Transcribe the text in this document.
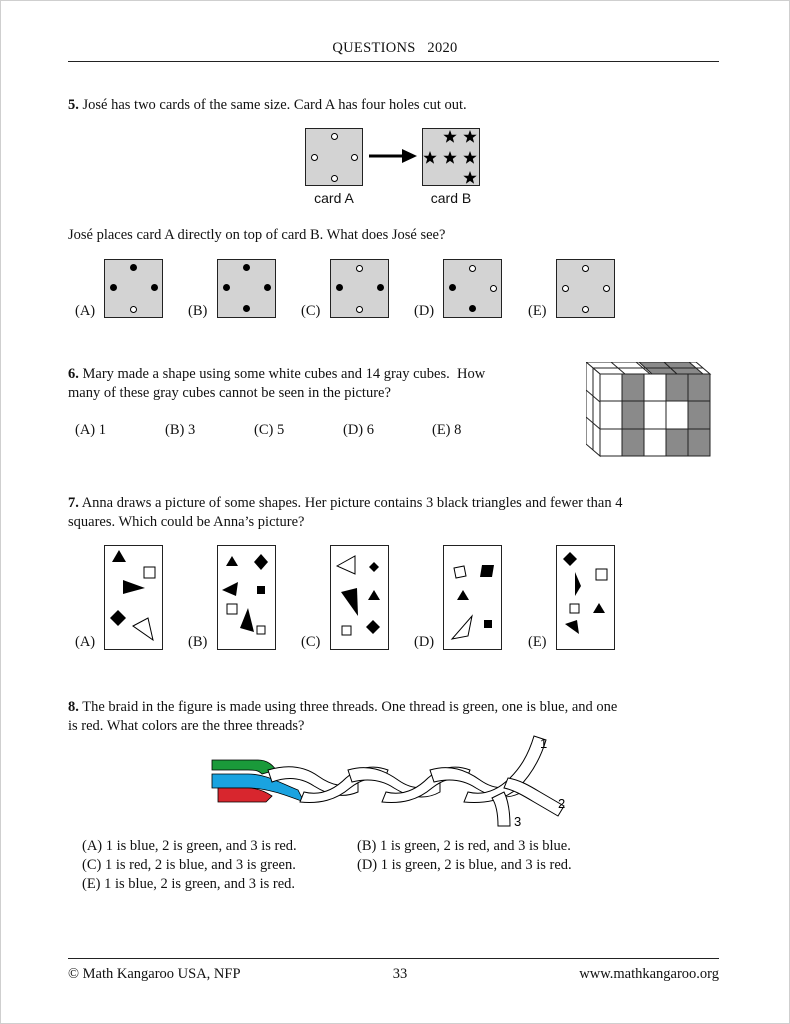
QUESTIONS   2020
5. José has two cards of the same size. Card A has four holes cut out.
card A	card B
José places card A directly on top of card B. What does José see?
(A)	(B)	(C)	(D)	(E)
6. Mary made a shape using some white cubes and 14 gray cubes.  How
many of these gray cubes cannot be seen in the picture?
(A) 1	(B) 3	(C) 5	(D) 6	(E) 8
7. Anna draws a picture of some shapes. Her picture contains 3 black triangles and fewer than 4
squares. Which could be Anna’s picture?
(A)	(B)	(C)	(D)	(E)
8. The braid in the figure is made using three threads. One thread is green, one is blue, and one
is red. What colors are the three threads?
1
2
3
(A) 1 is blue, 2 is green, and 3 is red.	(B) 1 is green, 2 is red, and 3 is blue.
(C) 1 is red, 2 is blue, and 3 is green.	(D) 1 is green, 2 is blue, and 3 is red.
(E) 1 is blue, 2 is green, and 3 is red.
© Math Kangaroo USA, NFP	33	www.mathkangaroo.org
